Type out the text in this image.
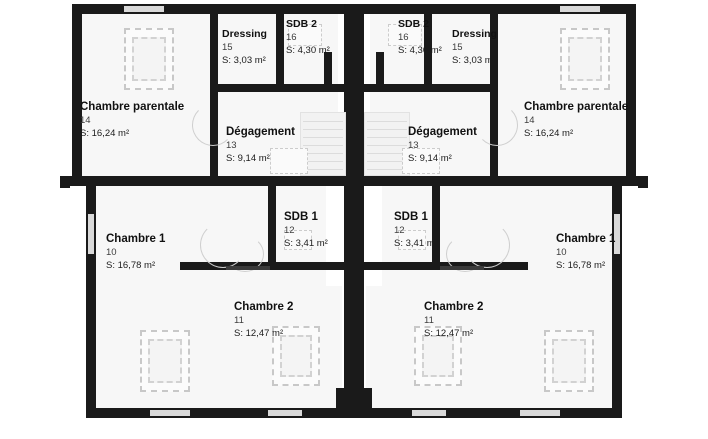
Dressing
15
S: 3,03 m²
SDB 2
16
S: 4,30 m²
SDB 2
16
S: 4,30 m²
Dressing
15
S: 3,03 m²
Chambre parentale
14
S: 16,24 m²
Chambre parentale
14
S: 16,24 m²
Dégagement
13
S: 9,14 m²
Dégagement
13
S: 9,14 m²
SDB 1
12
S: 3,41 m²
SDB 1
12
S: 3,41 m²
Chambre 1
10
S: 16,78 m²
Chambre 1
10
S: 16,78 m²
Chambre 2
11
S: 12,47 m²
Chambre 2
11
S: 12,47 m²
